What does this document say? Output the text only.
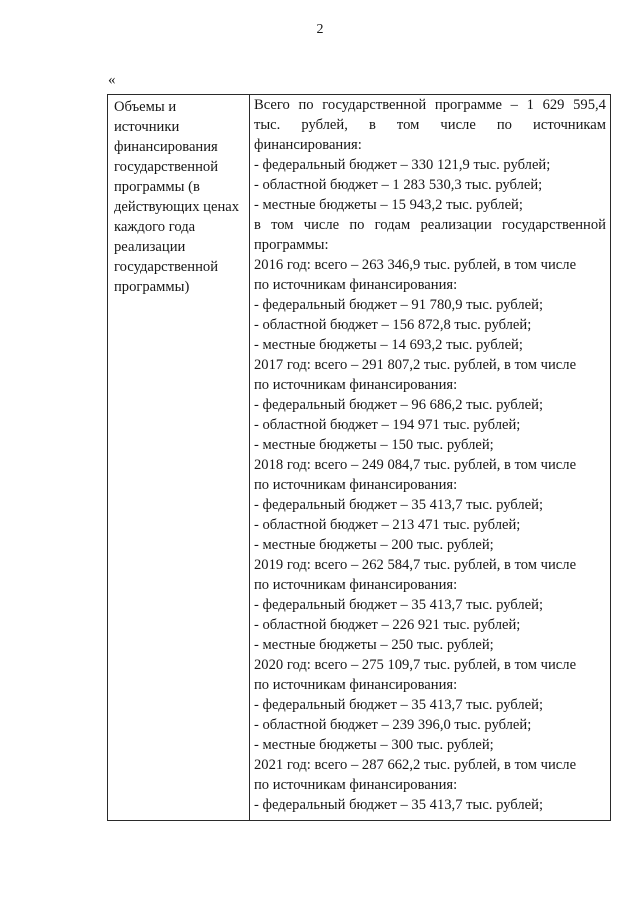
2
«
Объемы и
источники
финансирования
государственной
программы (в
действующих ценах
каждого года
реализации
государственной
программы)
Всего по государственной программе – 1 629 595,4
тыс. рублей, в том числе по источникам
финансирования:
- федеральный бюджет – 330 121,9 тыс. рублей;
- областной бюджет – 1 283 530,3 тыс. рублей;
- местные бюджеты – 15 943,2 тыс. рублей;
в том числе по годам реализации государственной
программы:
2016 год: всего – 263 346,9 тыс. рублей, в том числе
по источникам финансирования:
- федеральный бюджет – 91 780,9 тыс. рублей;
- областной бюджет – 156 872,8 тыс. рублей;
- местные бюджеты – 14 693,2 тыс. рублей;
2017 год: всего – 291 807,2 тыс. рублей, в том числе
по источникам финансирования:
- федеральный бюджет – 96 686,2 тыс. рублей;
- областной бюджет – 194 971 тыс. рублей;
- местные бюджеты – 150 тыс. рублей;
2018 год: всего – 249 084,7 тыс. рублей, в том числе
по источникам финансирования:
- федеральный бюджет – 35 413,7 тыс. рублей;
- областной бюджет – 213 471 тыс. рублей;
- местные бюджеты – 200 тыс. рублей;
2019 год: всего – 262 584,7 тыс. рублей, в том числе
по источникам финансирования:
- федеральный бюджет – 35 413,7 тыс. рублей;
- областной бюджет – 226 921 тыс. рублей;
- местные бюджеты – 250 тыс. рублей;
2020 год: всего – 275 109,7 тыс. рублей, в том числе
по источникам финансирования:
- федеральный бюджет – 35 413,7 тыс. рублей;
- областной бюджет – 239 396,0 тыс. рублей;
- местные бюджеты – 300 тыс. рублей;
2021 год: всего – 287 662,2 тыс. рублей, в том числе
по источникам финансирования:
- федеральный бюджет – 35 413,7 тыс. рублей;
